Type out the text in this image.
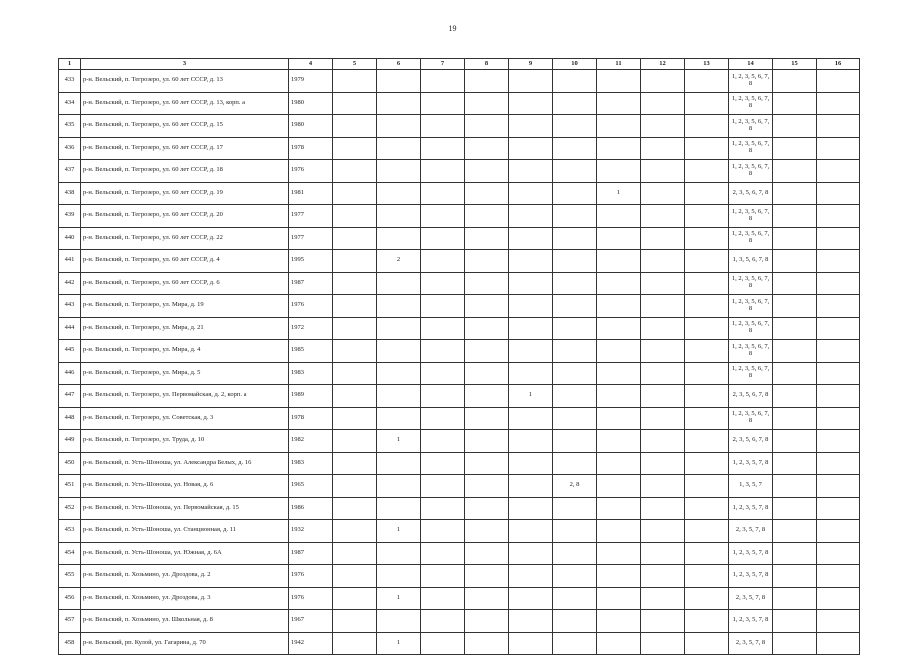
19
1	3	4	5	6	7	8	9	10	11	12	13	14	15	16
433	р-н. Вельский, п. Тегрозеро, ул. 60 лет СССР, д. 13	1979										1, 2, 3, 5, 6, 7, 8		
434	р-н. Вельский, п. Тегрозеро, ул. 60 лет СССР, д. 13, корп. а	1980										1, 2, 3, 5, 6, 7, 8		
435	р-н. Вельский, п. Тегрозеро, ул. 60 лет СССР, д. 15	1980										1, 2, 3, 5, 6, 7, 8		
436	р-н. Вельский, п. Тегрозеро, ул. 60 лет СССР, д. 17	1978										1, 2, 3, 5, 6, 7, 8		
437	р-н. Вельский, п. Тегрозеро, ул. 60 лет СССР, д. 18	1976										1, 2, 3, 5, 6, 7, 8		
438	р-н. Вельский, п. Тегрозеро, ул. 60 лет СССР, д. 19	1981							1			2, 3, 5, 6, 7, 8		
439	р-н. Вельский, п. Тегрозеро, ул. 60 лет СССР, д. 20	1977										1, 2, 3, 5, 6, 7, 8		
440	р-н. Вельский, п. Тегрозеро, ул. 60 лет СССР, д. 22	1977										1, 2, 3, 5, 6, 7, 8		
441	р-н. Вельский, п. Тегрозеро, ул. 60 лет СССР, д. 4	1995		2								1, 3, 5, 6, 7, 8		
442	р-н. Вельский, п. Тегрозеро, ул. 60 лет СССР, д. 6	1987										1, 2, 3, 5, 6, 7, 8		
443	р-н. Вельский, п. Тегрозеро, ул. Мира, д. 19	1976										1, 2, 3, 5, 6, 7, 8		
444	р-н. Вельский, п. Тегрозеро, ул. Мира, д. 21	1972										1, 2, 3, 5, 6, 7, 8		
445	р-н. Вельский, п. Тегрозеро, ул. Мира, д. 4	1985										1, 2, 3, 5, 6, 7, 8		
446	р-н. Вельский, п. Тегрозеро, ул. Мира, д. 5	1983										1, 2, 3, 5, 6, 7, 8		
447	р-н. Вельский, п. Тегрозеро, ул. Первомайская, д. 2, корп. а	1989					1					2, 3, 5, 6, 7, 8		
448	р-н. Вельский, п. Тегрозеро, ул. Советская, д. 3	1978										1, 2, 3, 5, 6, 7, 8		
449	р-н. Вельский, п. Тегрозеро, ул. Труда, д. 10	1982		1								2, 3, 5, 6, 7, 8		
450	р-н. Вельский, п. Усть-Шоноша, ул. Александра Белых, д. 16	1983										1, 2, 3, 5, 7, 8		
451	р-н. Вельский, п. Усть-Шоноша, ул. Новая, д. 6	1965						2, 8				1, 3, 5, 7		
452	р-н. Вельский, п. Усть-Шоноша, ул. Первомайская, д. 15	1986										1, 2, 3, 5, 7, 8		
453	р-н. Вельский, п. Усть-Шоноша, ул. Станционная, д. 11	1932		1								2, 3, 5, 7, 8		
454	р-н. Вельский, п. Усть-Шоноша, ул. Южная, д. 6А	1987										1, 2, 3, 5, 7, 8		
455	р-н. Вельский, п. Хозьмино, ул. Дроздова, д. 2	1976										1, 2, 3, 5, 7, 8		
456	р-н. Вельский, п. Хозьмино, ул. Дроздова, д. 3	1976		1								2, 3, 5, 7, 8		
457	р-н. Вельский, п. Хозьмино, ул. Школьная, д. 8	1967										1, 2, 3, 5, 7, 8		
458	р-н. Вельский, рп. Кулой, ул. Гагарина, д. 70	1942		1								2, 3, 5, 7, 8		
